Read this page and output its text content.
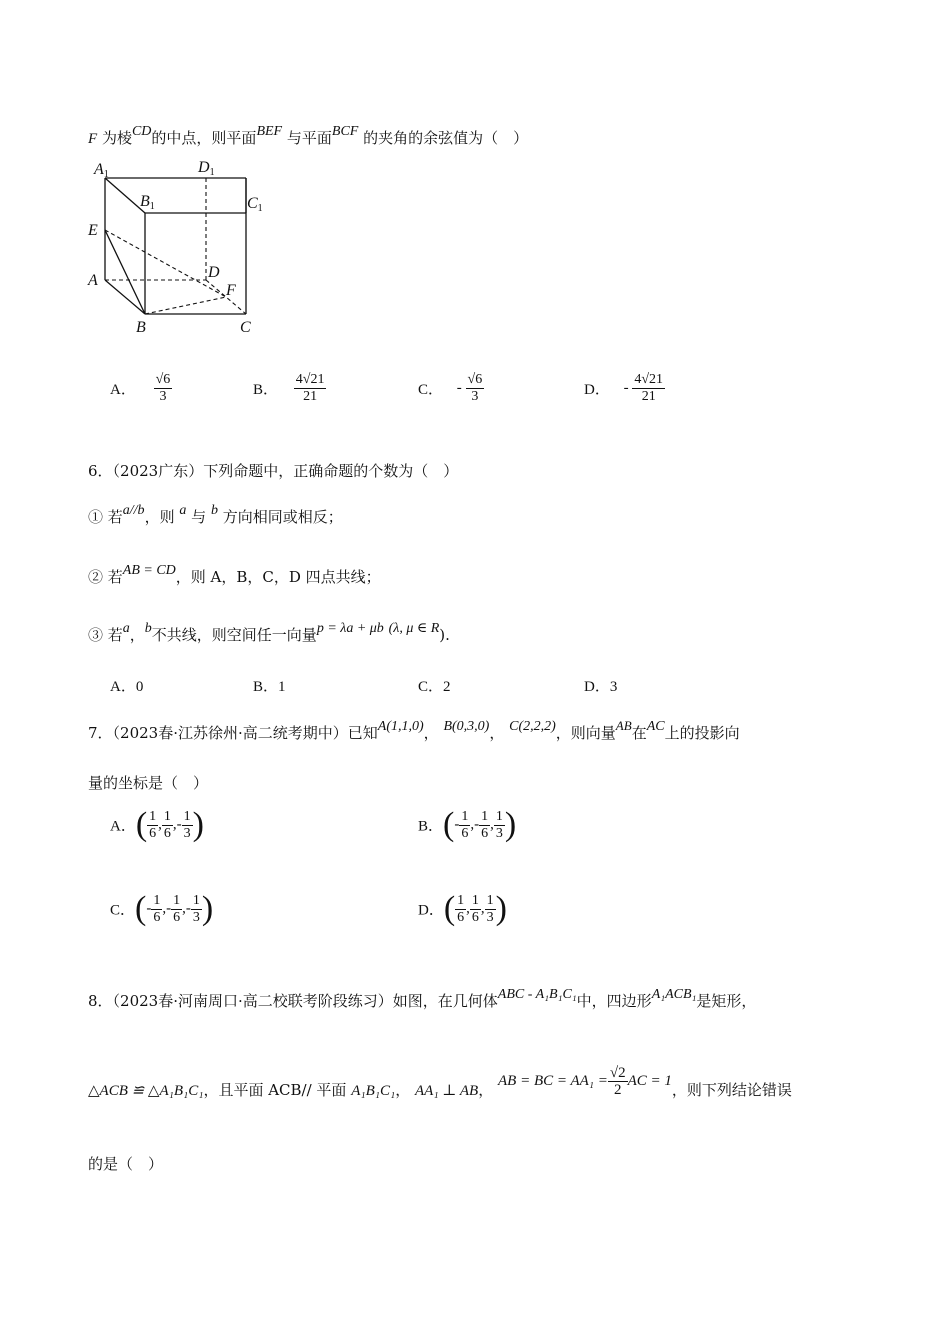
F 为棱CD的中点，则平面BEF 与平面BCF 的夹角的余弦值为（　）
A1	D1
B1	C1
E
A	D
F
B	C
A． $\frac{√6}{3}$	B． $\frac{4√21}{21}$	C． - $\frac{√6}{3}$	D． - $\frac{4√21}{21}$
6．（2023广东）下列命题中，正确命题的个数为（　）
① 若a//b，则 a 与 b 方向相同或相反；
② 若AB = CD，则 A，B，C，D 四点共线；
③ 若a，b不共线，则空间任一向量p = λa + μb (λ, μ ∈ R).
A．0	B．1	C．2	D．3
7．（2023春·江苏徐州·高二统考期中）已知A(1,1,0)， B(0,3,0)， C(2,2,2)，则向量AB在AC上的投影向
量的坐标是（　）
A．( $\frac{1}{6}$ , $\frac{1}{6}$ ,- $\frac{1}{3}$ )	B．(- $\frac{1}{6}$ ,- $\frac{1}{6}$ , $\frac{1}{3}$ )
C．(- $\frac{1}{6}$ ,- $\frac{1}{6}$ ,- $\frac{1}{3}$ )	D．( $\frac{1}{6}$ , $\frac{1}{6}$ , $\frac{1}{3}$ )
8．（2023春·河南周口·高二校联考阶段练习）如图，在几何体ABC - A₁B₁C₁中，四边形A₁ACB₁是矩形，
△ACB ≌ △A₁B₁C₁，且平面 ACB// 平面 A₁B₁C₁， AA₁ ⊥ AB， AB = BC = $AA_1 = \frac{√2}{2}$ AC = 1，则下列结论错误
的是（　）
